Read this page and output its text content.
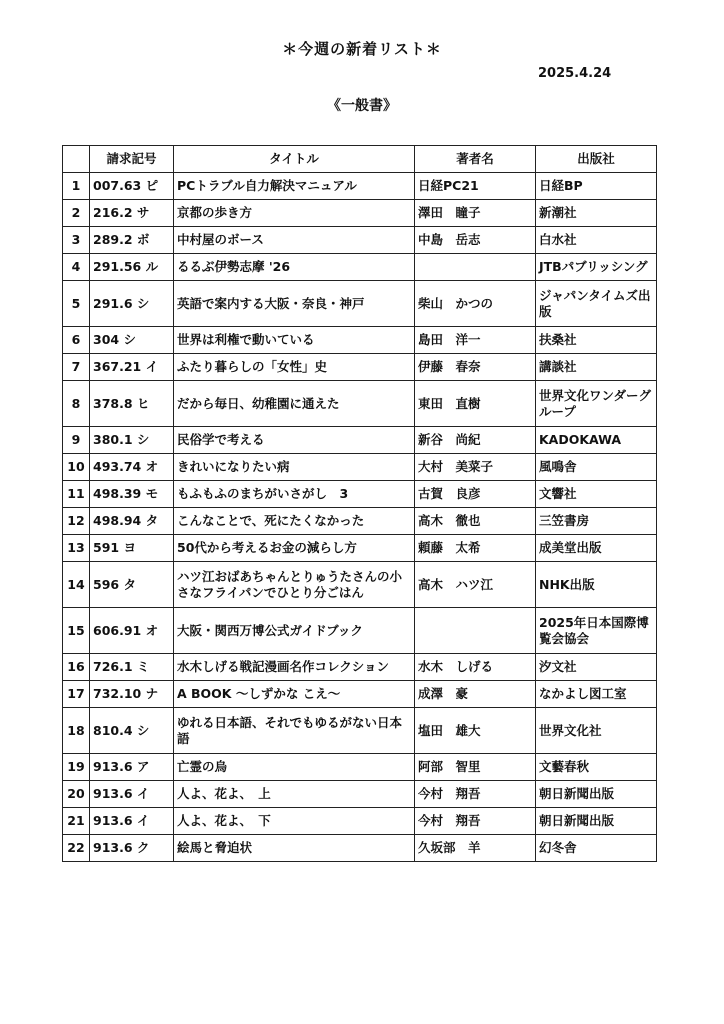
＊今週の新着リスト＊
2025.4.24
《一般書》
	請求記号	タイトル	著者名	出版社
1	007.63 ピ	PCトラブル自力解決マニュアル	日経PC21	日経BP
2	216.2 サ	京都の歩き方	澤田　瞳子	新潮社
3	289.2 ボ	中村屋のボース	中島　岳志	白水社
4	291.56 ル	るるぶ伊勢志摩 '26		JTBパブリッシング
5	291.6 シ	英語で案内する大阪・奈良・神戸	柴山　かつの	ジャパンタイムズ出版
6	304 シ	世界は利権で動いている	島田　洋一	扶桑社
7	367.21 イ	ふたり暮らしの「女性」史	伊藤　春奈	講談社
8	378.8 ヒ	だから毎日、幼稚園に通えた	東田　直樹	世界文化ワンダーグループ
9	380.1 シ	民俗学で考える	新谷　尚紀	KADOKAWA
10	493.74 オ	きれいになりたい病	大村　美菜子	風鳴舎
11	498.39 モ	もふもふのまちがいさがし　3	古賀　良彦	文響社
12	498.94 タ	こんなことで、死にたくなかった	高木　徹也	三笠書房
13	591 ヨ	50代から考えるお金の減らし方	頼藤　太希	成美堂出版
14	596 タ	ハツ江おばあちゃんとりゅうたさんの小さなフライパンでひとり分ごはん	高木　ハツ江	NHK出版
15	606.91 オ	大阪・関西万博公式ガイドブック		2025年日本国際博覧会協会
16	726.1 ミ	水木しげる戦記漫画名作コレクション	水木　しげる	汐文社
17	732.10 ナ	A BOOK ～しずかな こえ～	成澤　豪	なかよし図工室
18	810.4 シ	ゆれる日本語、それでもゆるがない日本語	塩田　雄大	世界文化社
19	913.6 ア	亡霊の烏	阿部　智里	文藝春秋
20	913.6 イ	人よ、花よ、　上	今村　翔吾	朝日新聞出版
21	913.6 イ	人よ、花よ、　下	今村　翔吾	朝日新聞出版
22	913.6 ク	絵馬と脅迫状	久坂部　羊	幻冬舎
